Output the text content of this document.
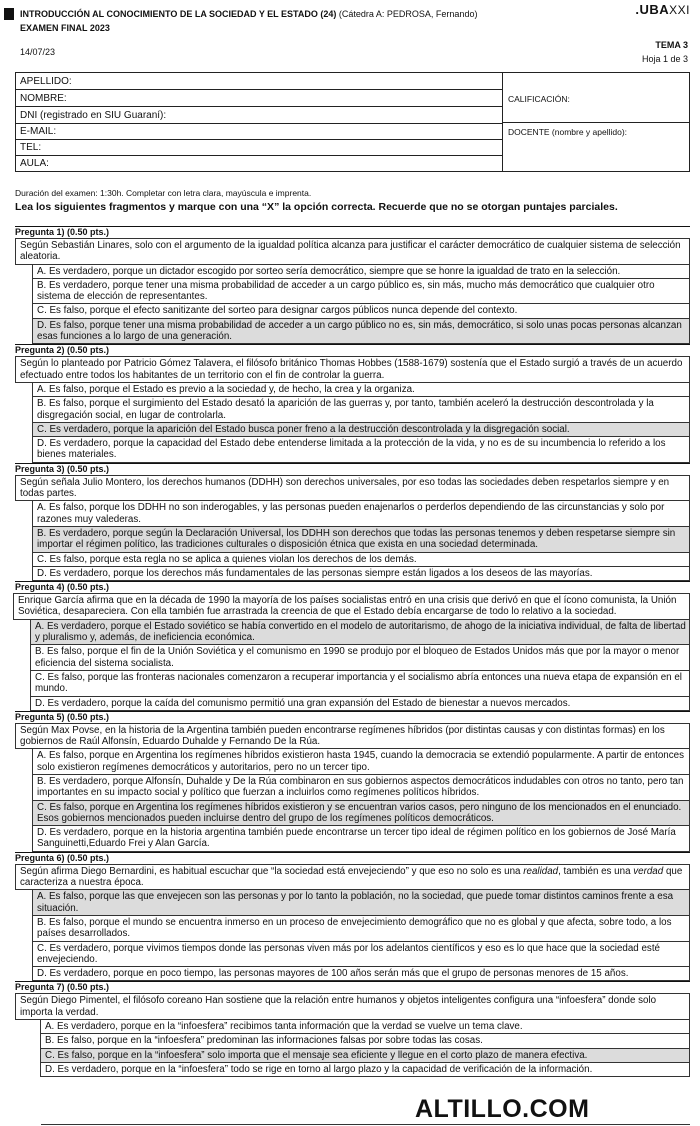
INTRODUCCIÓN AL CONOCIMIENTO DE LA SOCIEDAD Y EL ESTADO (24) (Cátedra A: PEDROSA, Fernando)
EXAMEN FINAL 2023
.UBAXXI
14/07/23
TEMA 3
Hoja 1 de 3
APELLIDO:
NOMBRE:
DNI (registrado en SIU Guaraní):
E-MAIL:
TEL:
AULA:
CALIFICACIÓN:
DOCENTE (nombre y apellido):
Duración del examen: 1:30h. Completar con letra clara, mayúscula e imprenta.
Lea los siguientes fragmentos y marque con una “X” la opción correcta. Recuerde que no se otorgan puntajes parciales.
Pregunta 1) (0.50 pts.)
Según Sebastián Linares, solo con el argumento de la igualdad política alcanza para justificar el carácter democrático de cualquier sistema de selección aleatoria.
A. Es verdadero, porque un dictador escogido por sorteo sería democrático, siempre que se honre la igualdad de trato en la selección.
B. Es verdadero, porque tener una misma probabilidad de acceder a un cargo público es, sin más, mucho más democrático que cualquier otro sistema de elección de representantes.
C. Es falso, porque el efecto sanitizante del sorteo para designar cargos públicos nunca depende del contexto.
D. Es falso, porque tener una misma probabilidad de acceder a un cargo público no es, sin más, democrático, si solo unas pocas personas alcanzan esas funciones a lo largo de una generación.
Pregunta 2) (0.50 pts.)
Según lo planteado por Patricio Gómez Talavera, el filósofo británico Thomas Hobbes (1588-1679) sostenía que el Estado surgió a través de un acuerdo efectuado entre todos los habitantes de un territorio con el fin de controlar la guerra.
A. Es falso, porque el Estado es previo a la sociedad y, de hecho, la crea y la organiza.
B. Es falso, porque el surgimiento del Estado desató la aparición de las guerras y, por tanto, también aceleró la destrucción descontrolada y la disgregación social, en lugar de controlarla.
C. Es verdadero, porque la aparición del Estado busca poner freno a la destrucción descontrolada y la disgregación social.
D. Es verdadero, porque la capacidad del Estado debe entenderse limitada a la protección de la vida, y no es de su incumbencia lo referido a los bienes materiales.
Pregunta 3) (0.50 pts.)
Según señala Julio Montero, los derechos humanos (DDHH) son derechos universales, por eso todas las sociedades deben respetarlos siempre y en todas partes.
A. Es falso, porque los DDHH no son inderogables, y las personas pueden enajenarlos o perderlos dependiendo de las circunstancias y solo por razones muy valederas.
B. Es verdadero, porque según la Declaración Universal, los DDHH son derechos que todas las personas tenemos y deben respetarse siempre sin importar el régimen político, las tradiciones culturales o disposición étnica que exista en una sociedad determinada.
C. Es falso, porque esta regla no se aplica a quienes violan los derechos de los demás.
D. Es verdadero, porque los derechos más fundamentales de las personas siempre están ligados a los deseos de las mayorías.
Pregunta 4) (0.50 pts.)
Enrique García afirma que en la década de 1990 la mayoría de los países socialistas entró en una crisis que derivó en que el ícono comunista, la Unión Soviética, desapareciera. Con ella también fue arrastrada la creencia de que el Estado debía encargarse de todo lo relativo a la sociedad.
A. Es verdadero, porque el Estado soviético se había convertido en el modelo de autoritarismo, de ahogo de la iniciativa individual, de falta de libertad y pluralismo y, además, de ineficiencia económica.
B. Es falso, porque el fin de la Unión Soviética y el comunismo en 1990 se produjo por el bloqueo de Estados Unidos más que por la mayor o menor eficiencia del sistema socialista.
C. Es falso, porque las fronteras nacionales comenzaron a recuperar importancia y el socialismo abría entonces una nueva etapa de expansión en el mundo.
D. Es verdadero, porque la caída del comunismo permitió una gran expansión del Estado de bienestar a nuevos mercados.
Pregunta 5) (0.50 pts.)
Según Max Povse, en la historia de la Argentina también pueden encontrarse regímenes híbridos (por distintas causas y con distintas formas) en los gobiernos de Raúl Alfonsín, Eduardo Duhalde y Fernando De la Rúa.
A. Es falso, porque en Argentina los regímenes híbridos existieron hasta 1945, cuando la democracia se extendió popularmente. A partir de entonces solo existieron regímenes democráticos y autoritarios, pero no un tercer tipo.
B. Es verdadero, porque Alfonsín, Duhalde y De la Rúa combinaron en sus gobiernos aspectos democráticos indudables con otros no tanto, pero tan importantes en su impacto social y político que fuerzan a incluirlos como regímenes políticos híbridos.
C. Es falso, porque en Argentina los regímenes híbridos existieron y se encuentran varios casos, pero ninguno de los mencionados en el enunciado. Esos gobiernos mencionados pueden incluirse dentro del grupo de los regímenes políticos democráticos.
D. Es verdadero, porque en la historia argentina también puede encontrarse un tercer tipo ideal de régimen político en los gobiernos de José María Sanguinetti,Eduardo Frei y Alan García.
Pregunta 6) (0.50 pts.)
Según afirma Diego Bernardini, es habitual escuchar que “la sociedad está envejeciendo” y que eso no solo es una realidad, también es una verdad que caracteriza a nuestra época.
A. Es falso, porque las que envejecen son las personas y por lo tanto la población, no la sociedad, que puede tomar distintos caminos frente a esa situación.
B. Es falso, porque el mundo se encuentra inmerso en un proceso de envejecimiento demográfico que no es global y que afecta, sobre todo, a los países desarrollados.
C. Es verdadero, porque vivimos tiempos donde las personas viven más por los adelantos científicos y eso es lo que hace que la sociedad esté envejeciendo.
D. Es verdadero, porque en poco tiempo, las personas mayores de 100 años serán más que el grupo de personas menores de 15 años.
Pregunta 7) (0.50 pts.)
Según Diego Pimentel, el filósofo coreano Han sostiene que la relación entre humanos y objetos inteligentes configura una “infoesfera” donde solo importa la verdad.
A. Es verdadero, porque en la “infoesfera” recibimos tanta información que la verdad se vuelve un tema clave.
B. Es falso, porque en la “infoesfera” predominan las informaciones falsas por sobre todas las cosas.
C. Es falso, porque en la “infoesfera” solo importa que el mensaje sea eficiente y llegue en el corto plazo de manera efectiva.
D. Es verdadero, porque en la “infoesfera” todo se rige en torno al largo plazo y la capacidad de verificación de la información.
ALTILLO.COM
